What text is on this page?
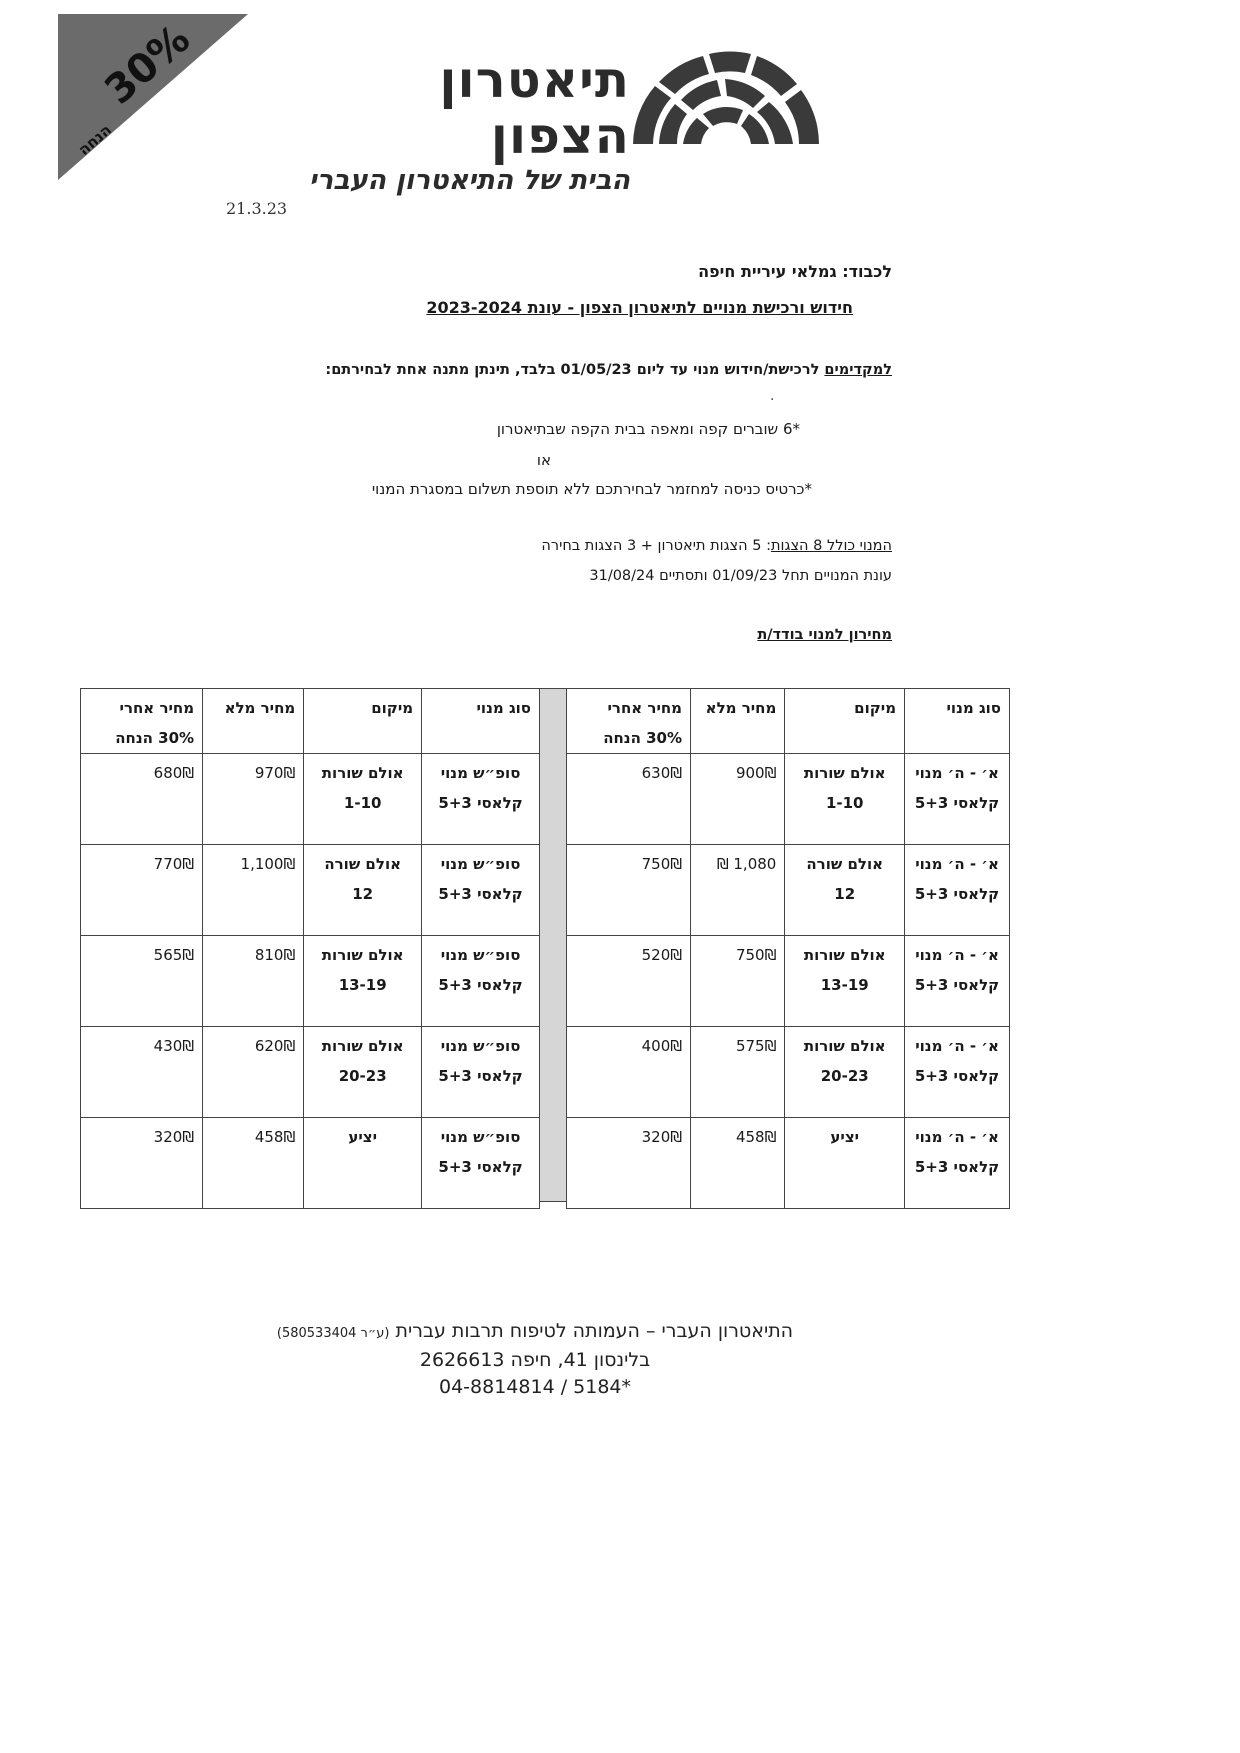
30%
הנחה
תיאטרון הצפון
הבית של התיאטרון העברי
21.3.23
לכבוד: גמלאי עיריית חיפה
חידוש ורכישת מנויים לתיאטרון הצפון - עונת 2023-2024
למקדימים לרכישת/חידוש מנוי עד ליום 01/05/23 בלבד, תינתן מתנה אחת לבחירתם:
.
*6 שוברים קפה ומאפה בבית הקפה שבתיאטרון
או
*כרטיס כניסה למחזמר לבחירתכם ללא תוספת תשלום במסגרת המנוי
המנוי כולל 8 הצגות: 5 הצגות תיאטרון + 3 הצגות בחירה
עונת המנויים תחל 01/09/23 ותסתיים 31/08/24
מחירון למנוי בודד/ת
סוג מנוי	מיקום	מחיר מלא	מחיר אחרי 30% הנחה
א׳ - ה׳ מנוי קלאסי 5+3	אולם שורות 1-10	900₪	630₪
א׳ - ה׳ מנוי קלאסי 5+3	אולם שורה 12	1,080 ₪	750₪
א׳ - ה׳ מנוי קלאסי 5+3	אולם שורות 13-19	750₪	520₪
א׳ - ה׳ מנוי קלאסי 5+3	אולם שורות 20-23	575₪	400₪
א׳ - ה׳ מנוי קלאסי 5+3	יציע	458₪	320₪
סוג מנוי	מיקום	מחיר מלא	מחיר אחרי 30% הנחה
סופ״ש מנוי קלאסי 5+3	אולם שורות 1-10	970₪	680₪
סופ״ש מנוי קלאסי 5+3	אולם שורה 12	1,100₪	770₪
סופ״ש מנוי קלאסי 5+3	אולם שורות 13-19	810₪	565₪
סופ״ש מנוי קלאסי 5+3	אולם שורות 20-23	620₪	430₪
סופ״ש מנוי קלאסי 5+3	יציע	458₪	320₪
התיאטרון העברי – העמותה לטיפוח תרבות עברית (ע״ר 580533404)
בלינסון 41, חיפה 2626613
*5184 / 04-8814814
